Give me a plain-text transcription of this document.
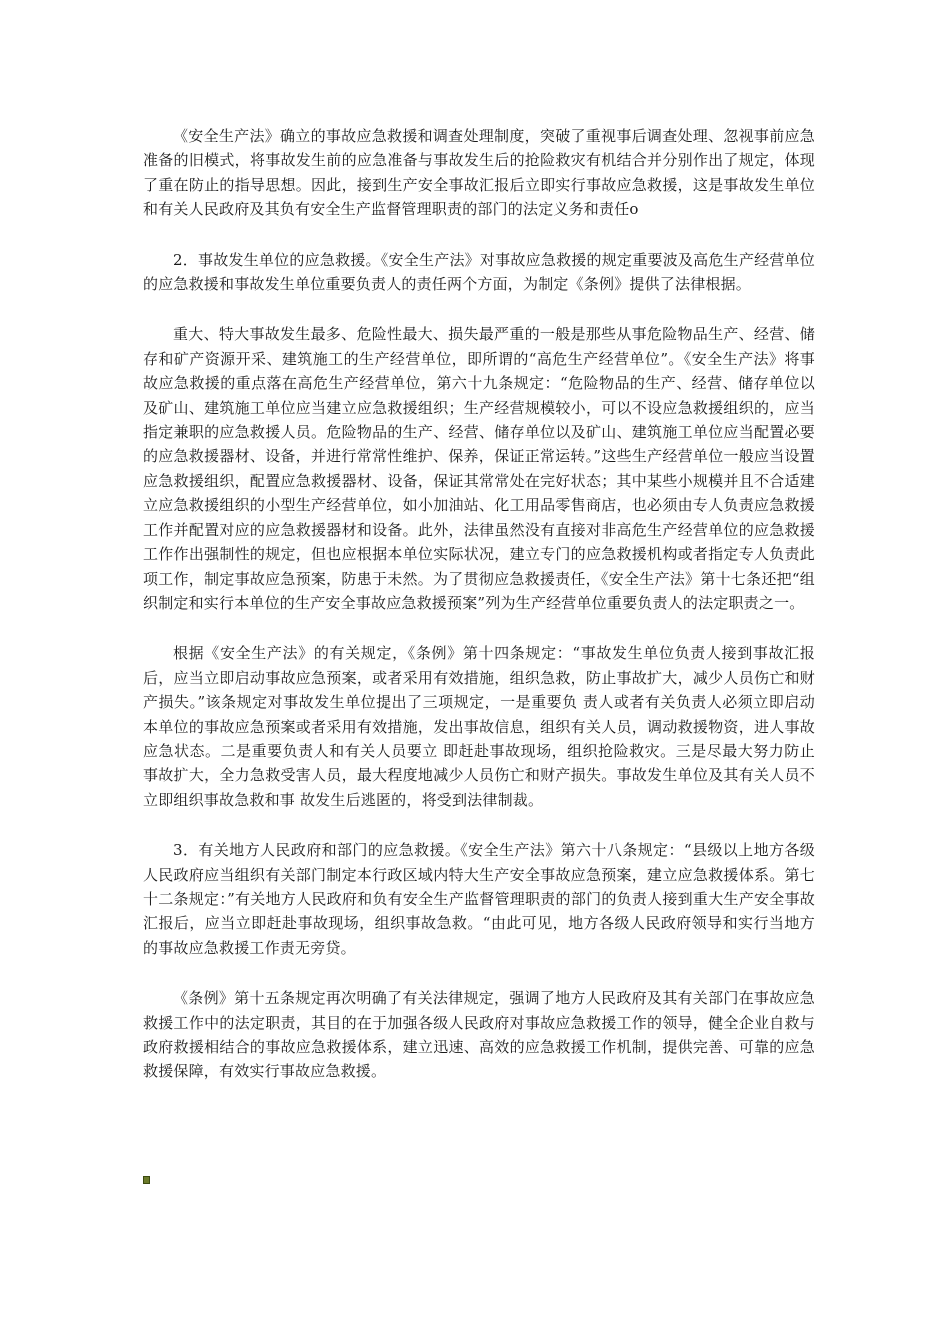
《安全生产法》确立的事故应急救援和调查处理制度，突破了重视事后调查处理、忽视事前应急准备的旧模式，将事故发生前的应急准备与事故发生后的抢险救灾有机结合并分别作出了规定，体现了重在防止的指导思想。因此，接到生产安全事故汇报后立即实行事故应急救援，这是事故发生单位和有关人民政府及其负有安全生产监督管理职责的部门的法定义务和责任o

2．事故发生单位的应急救援。《安全生产法》对事故应急救援的规定重要波及高危生产经营单位的应急救援和事故发生单位重要负责人的责任两个方面，为制定《条例》提供了法律根据。

重大、特大事故发生最多、危险性最大、损失最严重的一般是那些从事危险物品生产、经营、储存和矿产资源开采、建筑施工的生产经营单位，即所谓的“高危生产经营单位”。《安全生产法》将事故应急救援的重点落在高危生产经营单位，第六十九条规定：“危险物品的生产、经营、储存单位以及矿山、建筑施工单位应当建立应急救援组织；生产经营规模较小，可以不设应急救援组织的，应当指定兼职的应急救援人员。危险物品的生产、经营、储存单位以及矿山、建筑施工单位应当配置必要的应急救援器材、设备，并进行常常性维护、保养，保证正常运转。”这些生产经营单位一般应当设置应急救援组织，配置应急救援器材、设备，保证其常常处在完好状态；其中某些小规模并且不合适建立应急救援组织的小型生产经营单位，如小加油站、化工用品零售商店，也必须由专人负责应急救援工作并配置对应的应急救援器材和设备。此外，法律虽然没有直接对非高危生产经营单位的应急救援工作作出强制性的规定，但也应根据本单位实际状况，建立专门的应急救援机构或者指定专人负责此项工作，制定事故应急预案，防患于未然。为了贯彻应急救援责任，《安全生产法》第十七条还把“组织制定和实行本单位的生产安全事故应急救援预案”列为生产经营单位重要负责人的法定职责之一。

根据《安全生产法》的有关规定，《条例》第十四条规定：“事故发生单位负责人接到事故汇报后，应当立即启动事故应急预案，或者采用有效措施，组织急救，防止事故扩大，减少人员伤亡和财产损失。”该条规定对事故发生单位提出了三项规定，一是重要负 责人或者有关负责人必须立即启动本单位的事故应急预案或者采用有效措施，发出事故信息，组织有关人员，调动救援物资，进人事故应急状态。二是重要负责人和有关人员要立 即赶赴事故现场，组织抢险救灾。三是尽最大努力防止事故扩大，全力急救受害人员，最大程度地减少人员伤亡和财产损失。事故发生单位及其有关人员不立即组织事故急救和事 故发生后逃匿的，将受到法律制裁。

3．有关地方人民政府和部门的应急救援。《安全生产法》第六十八条规定：“县级以上地方各级人民政府应当组织有关部门制定本行政区域内特大生产安全事故应急预案，建立应急救援体系。第七十二条规定：”有关地方人民政府和负有安全生产监督管理职责的部门的负责人接到重大生产安全事故汇报后，应当立即赶赴事故现场，组织事故急救。“由此可见，地方各级人民政府领导和实行当地方的事故应急救援工作责无旁贷。

《条例》第十五条规定再次明确了有关法律规定，强调了地方人民政府及其有关部门在事故应急救援工作中的法定职责，其目的在于加强各级人民政府对事故应急救援工作的领导，健全企业自救与政府救援相结合的事故应急救援体系，建立迅速、高效的应急救援工作机制，提供完善、可靠的应急救援保障，有效实行事故应急救援。
